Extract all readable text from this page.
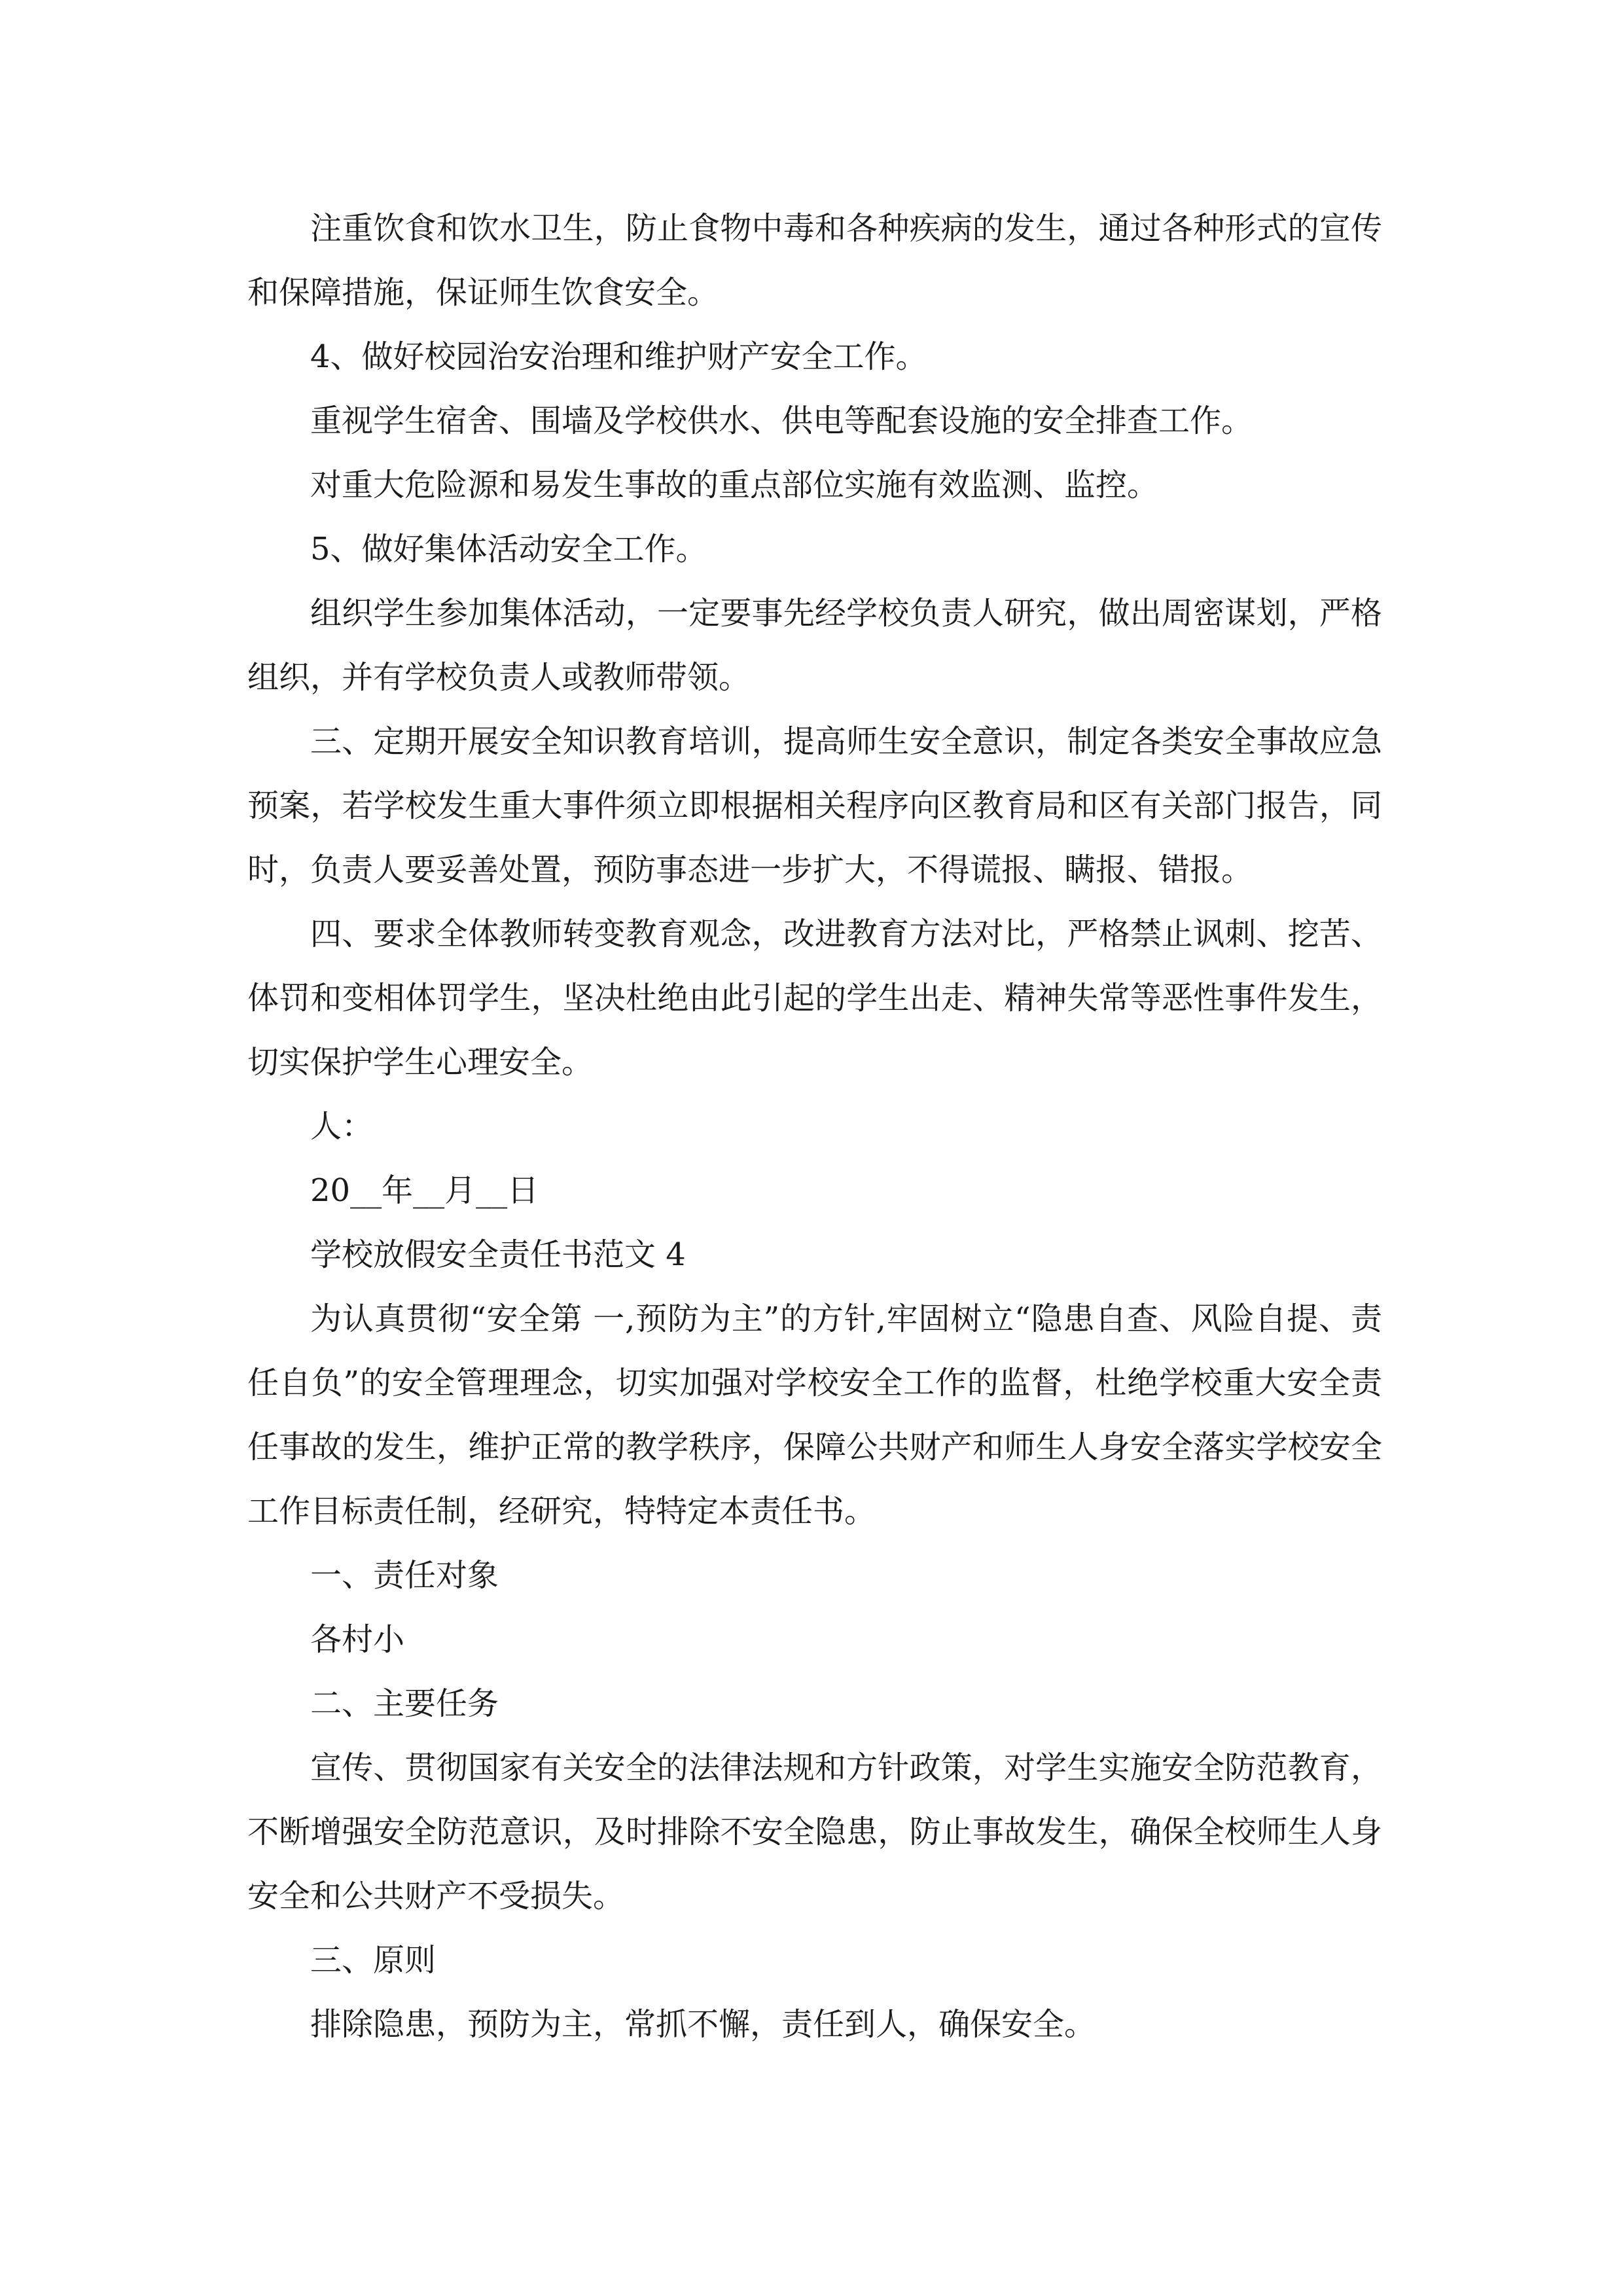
注重饮食和饮水卫生，防止食物中毒和各种疾病的发生，通过各种形式的宣传和保障措施，保证师生饮食安全。

4、做好校园治安治理和维护财产安全工作。

重视学生宿舍、围墙及学校供水、供电等配套设施的安全排查工作。

对重大危险源和易发生事故的重点部位实施有效监测、监控。

5、做好集体活动安全工作。

组织学生参加集体活动，一定要事先经学校负责人研究，做出周密谋划，严格组织，并有学校负责人或教师带领。

三、定期开展安全知识教育培训，提高师生安全意识，制定各类安全事故应急预案，若学校发生重大事件须立即根据相关程序向区教育局和区有关部门报告，同时，负责人要妥善处置，预防事态进一步扩大，不得谎报、瞒报、错报。

四、要求全体教师转变教育观念，改进教育方法对比，严格禁止讽刺、挖苦、体罚和变相体罚学生，坚决杜绝由此引起的学生出走、精神失常等恶性事件发生，切实保护学生心理安全。

人：

20__年__月__日

学校放假安全责任书范文 4

为认真贯彻“安全第 一,预防为主”的方针,牢固树立“隐患自查、风险自提、责任自负”的安全管理理念，切实加强对学校安全工作的监督，杜绝学校重大安全责任事故的发生，维护正常的教学秩序，保障公共财产和师生人身安全落实学校安全工作目标责任制，经研究，特特定本责任书。

一、责任对象

各村小

二、主要任务

宣传、贯彻国家有关安全的法律法规和方针政策，对学生实施安全防范教育，不断增强安全防范意识，及时排除不安全隐患，防止事故发生，确保全校师生人身安全和公共财产不受损失。

三、原则

排除隐患，预防为主，常抓不懈，责任到人，确保安全。
